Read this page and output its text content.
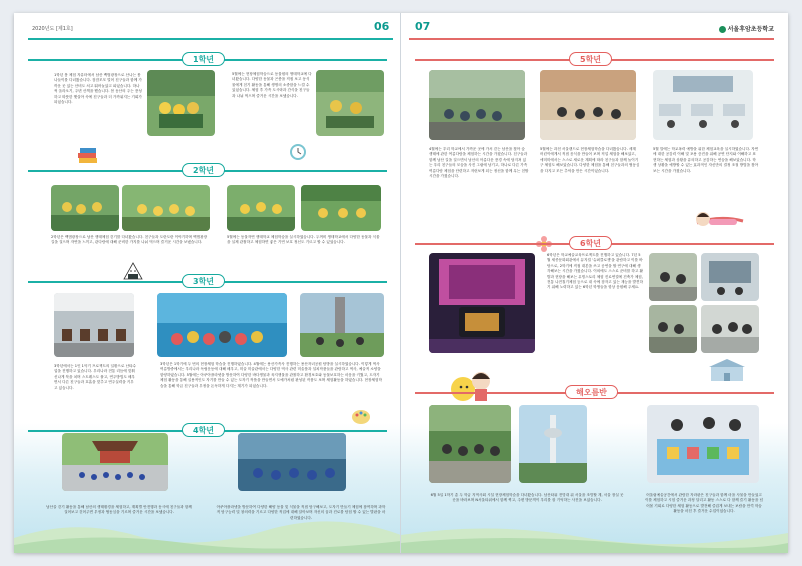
2020년도 [제1호]	06
1학년
1학년 봄 체험 자유터에서 남산 백범광장으로 산나는 봄나들이를 다녀왔습니다. 잠잠모모 멀어 친구들과 함께 가까운 곳 있는 산비도 처고 뛰어놀았고 피었습니다. 하나씩 올라오기, 주변 산책을 했습니다. 봄 동산의 주는 풍성하고 따뜻한 햇살아 속에 친구들과 더 가까워지는 기회가 되었습니다.
5월에는 현장체험학습으로 동물원의 생태학교에 다녀왔습니다. 다양한 동물과 곤충을 직접 보고 동식물에게 친기 활동을 통해 생명의 소중함을 느낄 수 있었습니다. 체험 후 가족 도시락과 간식을 친구들과 나눠 먹으며 즐거운 시간을 보냈습니다.
2학년
2학년은 백범광장으로 남산 생태체험 걷기를 다녀왔습니다. 친구들과 도란도란 이야기하며 백범광장 길을 걸으며 자연을 느끼고, 관다람에 대해 준비한 가지를 나눠 먹으며 즐거운 시간을 보냈습니다.
5월에는 동물자연 생태학교 체험학습을 실시하였습니다. 두꺼비 생태학교에서 다양한 동물과 식물을 실제 관찰하고 체험하면 좋은 기연 보호 정신도 기르고 할 수 있었습니다.
3학년
3학년에서는 1인 1악기 프로젝트의 일환으로 난타수업을 진행하고 있습니다. 우리나라 전통 리듬에 맞춰 신나게 북을 치며 스트레스도 풀고, 연주방법도 배우면서 다른 친구들과 호흡을 맞추고 연주실력을 키우고 있습니다.
3학년은 1학기에 두 번의 현장체험 학습을 진행하였습니다. 4월에는 용산가족사 진행하는 용산자녀공원 탐방을 실시하였습니다. 이렇게 역사 여름방중에서는 우리나라 독립운동에 대해 배우고, 미술 미술관에서는 다양한 역사 관련 미술품과 설치작품들을 관람하고 역사, 예술적 소양을 함양하였습니다. 5월에는 아쿠아플라넷을 방문하여 다양한 바다생물과 육지생물을 관찰하고 환경보호와 동물보호하는 마음을 키웠고, 도자기 체험 활동을 통해 실용적인도 자기를 만들 수 있는 도자기 작품을 만들면서 도예가처럼 완성된 작품도 보며 체험활동을 하였습니다. 현장체험학습을 통해 학급 친구들과 우정을 돈독하게 다지는 계기가 되었습니다.
4학년
남산골 걷기 활동을 통해 남산의 생태환경을 체험하고, 계획별 안전행과 동시에 친구들과 함께 걸어보고 걷어주면 우정과 협동심을 기르며 즐거운 시간을 보냈습니다.
아쿠아플라넷을 방문하여 다양한 해양 동물 및 식물을 직접 탐구해보고, 도자기 만들기 체험에 참여하며 과학적 탐구능력 및 창의력을 기르고 다양한 직업에 대해 알아보며 자신의 꿈과 진로를 탐험 할 수 있는 발판을 마련하였습니다.
07	서울후암초등학교
5학년
4월에는 우리 학교에서 가까운 곳에 가서 걷는 남산을 찾아 숲 생태에 관한 여름다람을 체험하는 시간을 가졌습니다. 친구들과 함께 남산 길을 걸으면서 남산의 아름다운 풍경 속에 담겨져 있는 우리 친구들의 모습을 사진 그림에 남기고, 하나로 다른 가족 여름다람 체험을 단련하고 저런보게 되는 정신을 함께 무는 친할 시간을 가졌습니다.
5월에는 과천 서울랜드로 현장체험학습을 다녀왔습니다. 세계 어린이에게서 직접 음식을 만들어 보며 직업 체험을 해보았고, 애미미에서는 스스로 새로운 계획에 따라 친구들과 함께 놀이기구 체험도 해보았습니다. 다양한 체험을 통해 친구들과의 협동심을 다지고 모든 추억을 만든 시간이었습니다.
5월 말에는 학교폭력 예방을 위한 체험교육을 실시하였습니다. 자연에 대한 공감력 이해 및 포용 증진을 위해 공연 단지와 이해하고 표현하는 체험과 상황을 유의하고 공감하는 연습을 해보았습니다. 학생 상황을 예방할 수 있는 효과적인 자신만의 결정 조절 방법을 찾아보는 시간을 가졌습니다.
6학년
6학년은 학교예술교육프로젝트를 진행하고 있습니다. 7년 5월 세종문화회관에서 뮤지컬 '슈퍼클로젯'을 관람하고 이를 바탕으로, 2학기에 직접 대본을 쓰고 공연을 할 연구에 대해 생각해보는 시간을 가졌습니다. 이외에도 스스로 준비를 하고 활발과 현장을 해보는 무빙스토리 체험 진로연결에 건축가 체험, 전통 나전칠기체험 등으로 내 속에 잠자고 있는 재능을 발견하기 위해 노력하고 있는 6학년 학생들을 항상 응원해 주세요.
해오름반
6월 5일 1학기 총 두 학급 지역사회 시설 현장체험학습을 다녀왔습니다. 남산타워 전망대 위 서울을 조망할 계, 서울 장실 곳곳을 바라보며 N서울타워에서 함께 찍고, 주변 방문객이 우리를 잘 기억하는 사진을 보았습니다.
어울림예술공간에서 관람한 자라판은 친구들과 함께 마을 사물을 만들었고 이를 체험하고 시험 즐거운 과정 달리고 활동 스스로 다 함께 즐기 활동을 넘어볼 기회로 다양한 체험 활동으로 발전해 즐겁게 보내는 보람을 만끽 학습 활동을 마친 후 즐거운 수업이었습니다.
